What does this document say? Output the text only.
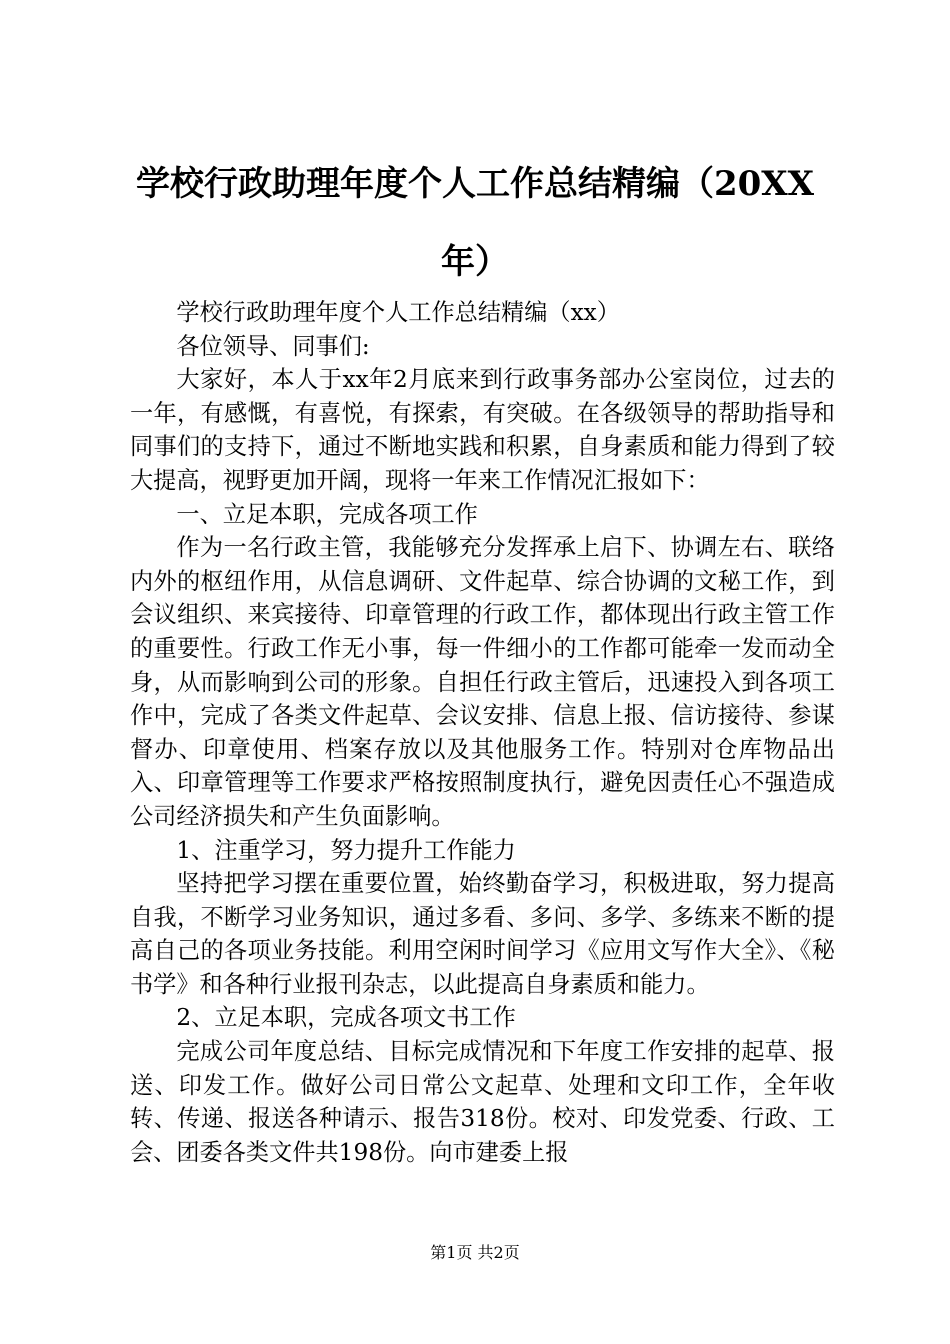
学校行政助理年度个人工作总结精编（20XX年）

学校行政助理年度个人工作总结精编（xx）

各位领导、同事们:

大家好，本人于xx年2月底来到行政事务部办公室岗位，过去的一年，有感慨，有喜悦，有探索，有突破。在各级领导的帮助指导和同事们的支持下，通过不断地实践和积累，自身素质和能力得到了较大提高，视野更加开阔，现将一年来工作情况汇报如下：

一、立足本职，完成各项工作

作为一名行政主管，我能够充分发挥承上启下、协调左右、联络内外的枢纽作用，从信息调研、文件起草、综合协调的文秘工作，到会议组织、来宾接待、印章管理的行政工作，都体现出行政主管工作的重要性。行政工作无小事，每一件细小的工作都可能牵一发而动全身，从而影响到公司的形象。自担任行政主管后，迅速投入到各项工作中，完成了各类文件起草、会议安排、信息上报、信访接待、参谋督办、印章使用、档案存放以及其他服务工作。特别对仓库物品出入、印章管理等工作要求严格按照制度执行，避免因责任心不强造成公司经济损失和产生负面影响。

1、注重学习，努力提升工作能力

坚持把学习摆在重要位置，始终勤奋学习，积极进取，努力提高自我，不断学习业务知识，通过多看、多问、多学、多练来不断的提高自己的各项业务技能。利用空闲时间学习《应用文写作大全》、《秘书学》和各种行业报刊杂志，以此提高自身素质和能力。

2、立足本职，完成各项文书工作

完成公司年度总结、目标完成情况和下年度工作安排的起草、报送、印发工作。做好公司日常公文起草、处理和文印工作，全年收转、传递、报送各种请示、报告318份。校对、印发党委、行政、工会、团委各类文件共198份。向市建委上报

第1页 共2页
